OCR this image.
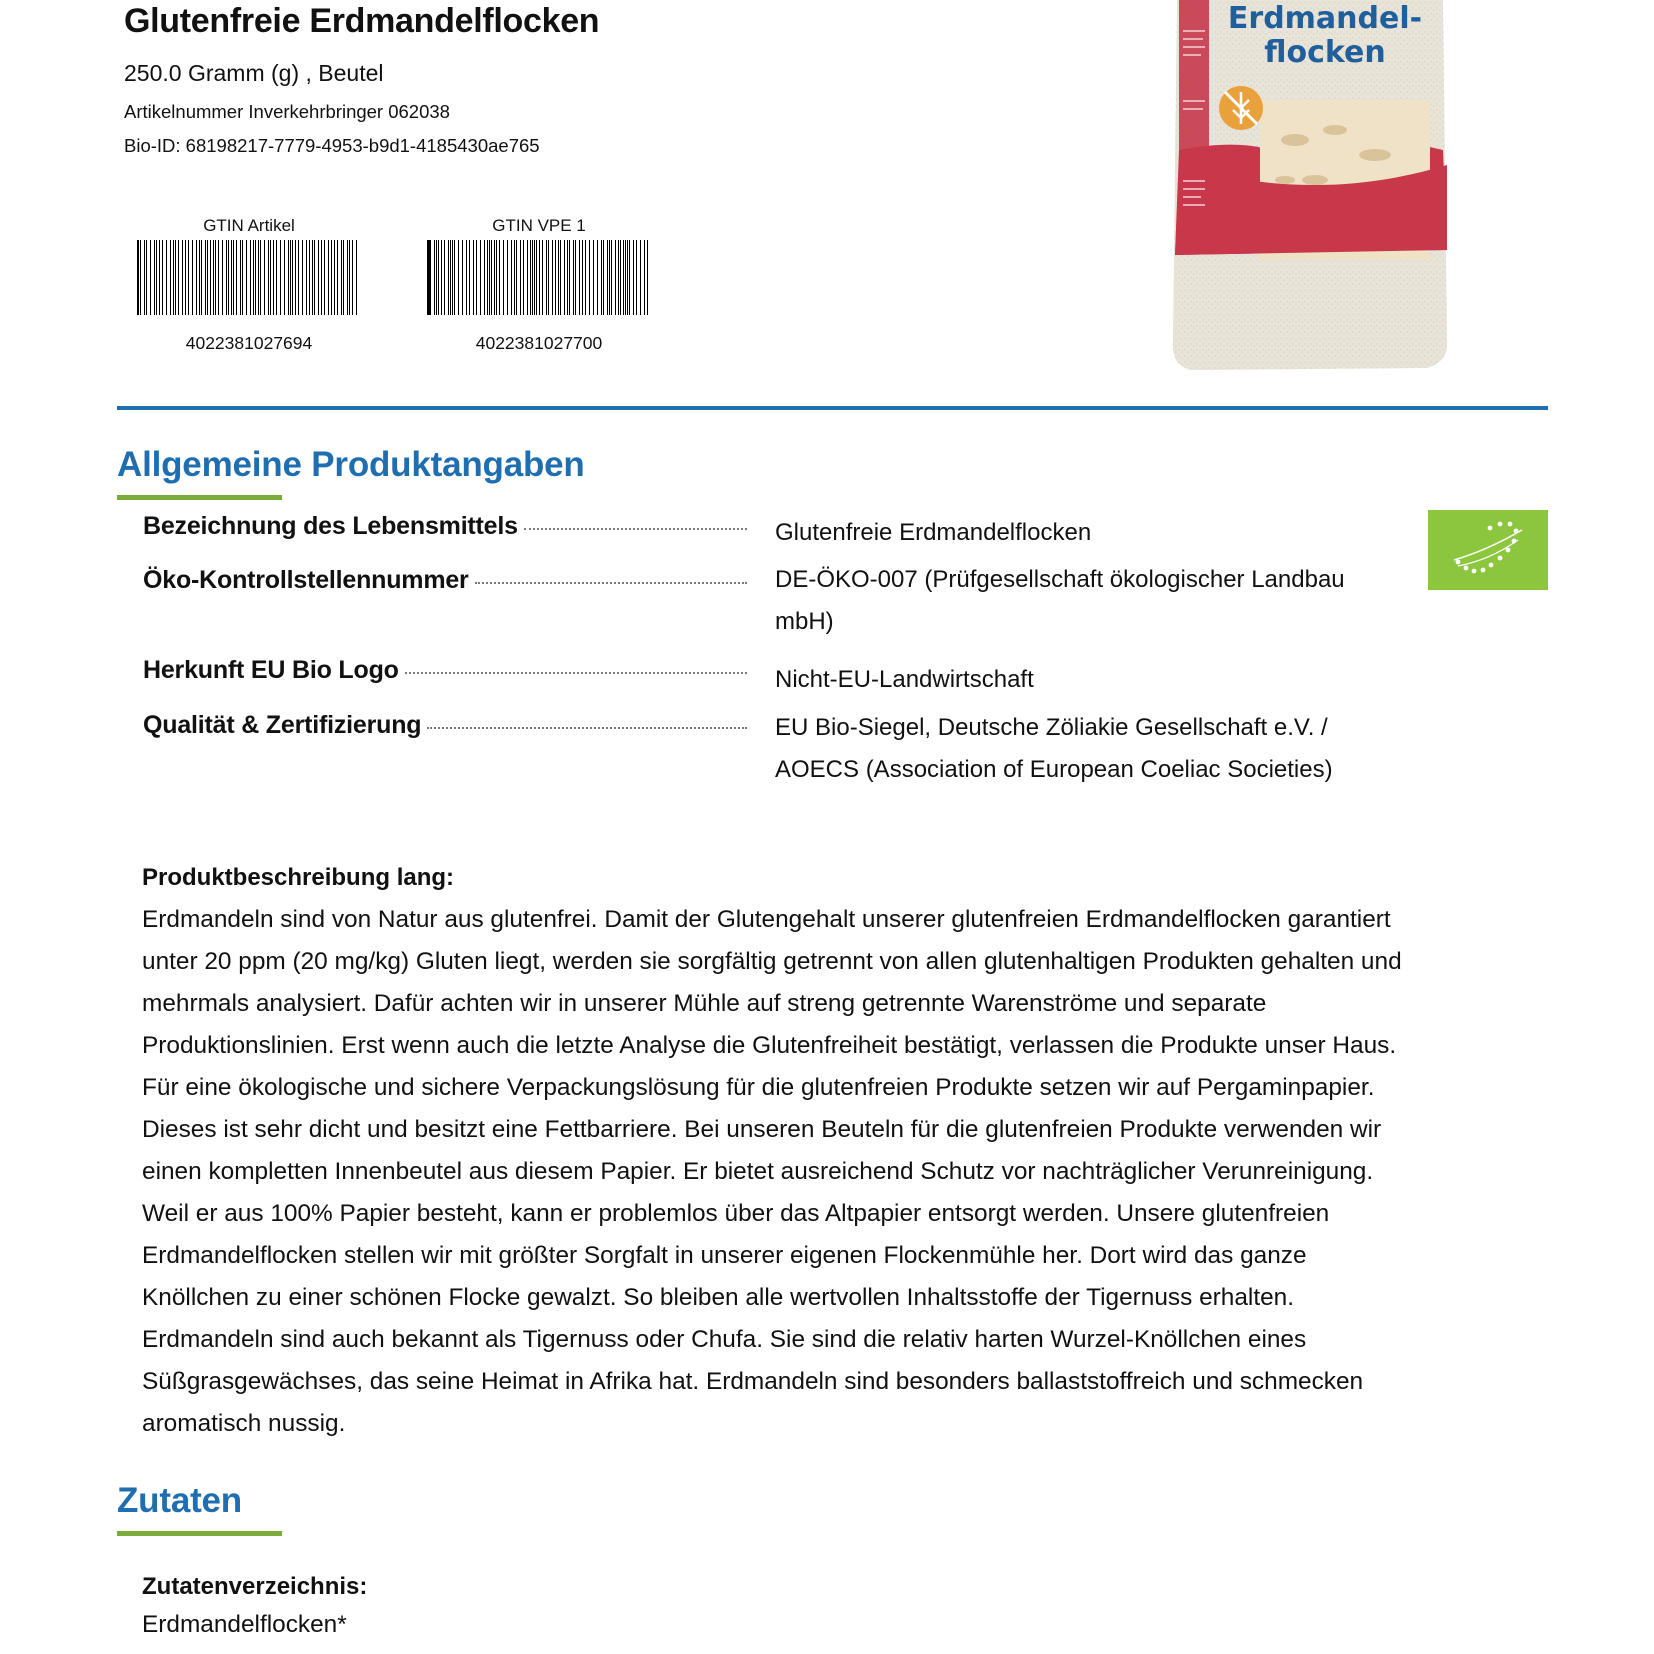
Glutenfreie Erdmandelflocken
250.0 Gramm (g) , Beutel
Artikelnummer Inverkehrbringer 062038
Bio-ID: 68198217-7779-4953-b9d1-4185430ae765
GTIN Artikel
4022381027694
GTIN VPE 1
4022381027700
Erdmandel-
flocken
Allgemeine Produktangaben
Bezeichnung des Lebensmittels	Glutenfreie Erdmandelflocken
Öko-Kontrollstellennummer	DE-ÖKO-007 (Prüfgesellschaft ökologischer Landbau mbH)
Herkunft EU Bio Logo	Nicht-EU-Landwirtschaft
Qualität & Zertifizierung	EU Bio-Siegel, Deutsche Zöliakie Gesellschaft e.V. / AOECS (Association of European Coeliac Societies)
Produktbeschreibung lang:
Erdmandeln sind von Natur aus glutenfrei. Damit der Glutengehalt unserer glutenfreien Erdmandelflocken garantiert unter 20 ppm (20 mg/kg) Gluten liegt, werden sie sorgfältig getrennt von allen glutenhaltigen Produkten gehalten und mehrmals analysiert. Dafür achten wir in unserer Mühle auf streng getrennte Warenströme und separate Produktionslinien. Erst wenn auch die letzte Analyse die Glutenfreiheit bestätigt, verlassen die Produkte unser Haus. Für eine ökologische und sichere Verpackungslösung für die glutenfreien Produkte setzen wir auf Pergaminpapier. Dieses ist sehr dicht und besitzt eine Fettbarriere. Bei unseren Beuteln für die glutenfreien Produkte verwenden wir einen kompletten Innenbeutel aus diesem Papier. Er bietet ausreichend Schutz vor nachträglicher Verunreinigung. Weil er aus 100% Papier besteht, kann er problemlos über das Altpapier entsorgt werden. Unsere glutenfreien Erdmandelflocken stellen wir mit größter Sorgfalt in unserer eigenen Flockenmühle her. Dort wird das ganze Knöllchen zu einer schönen Flocke gewalzt. So bleiben alle wertvollen Inhaltsstoffe der Tigernuss erhalten. Erdmandeln sind auch bekannt als Tigernuss oder Chufa. Sie sind die relativ harten Wurzel-Knöllchen eines Süßgrasgewächses, das seine Heimat in Afrika hat. Erdmandeln sind besonders ballaststoffreich und schmecken aromatisch nussig.
Zutaten
Zutatenverzeichnis:
Erdmandelflocken*
